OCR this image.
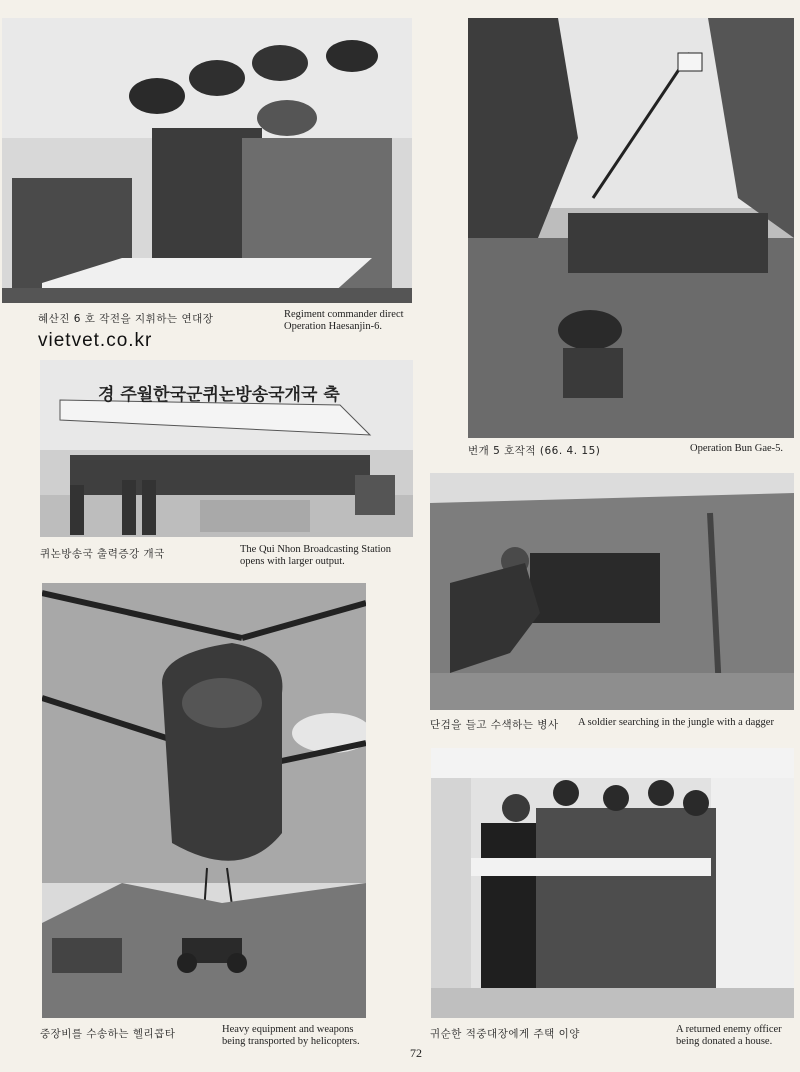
혜산진 6 호 작전을 지휘하는 연대장	Regiment commander direct
Operation Haesanjin-6.
vietvet.co.kr
번개 5 호작적 (66. 4. 15)	Operation Bun Gae-5.
경 주월한국군퀴논방송국개국 축
퀴논방송국 출력증강 개국	The Qui Nhon Broadcasting Station
opens with larger output.
단검을 들고 수색하는 병사 A soldier searching in the jungle with a dagger
중장비를 수송하는 헬리콥타	Heavy equipment and weapons
being transported by helicopters.
귀순한 적중대장에게 주택 이양	A returned enemy officer
being donated a house.
72
